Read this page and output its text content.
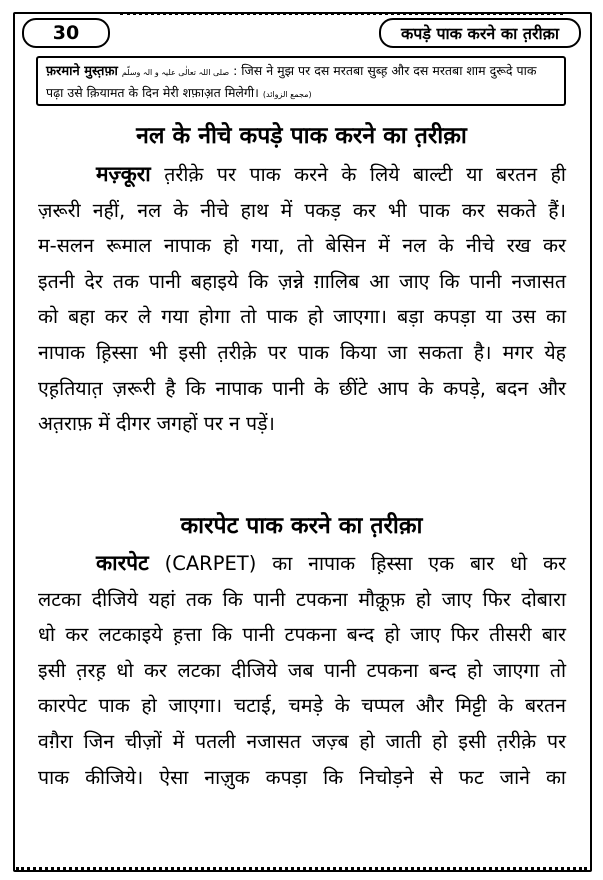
30	कपड़े पाक करने का त़रीक़ा
फ़रमाने मुस्त़फ़ा صلی اللہ تعالٰی علیہ و الہ وسلّم : जिस ने मुझ पर दस मरतबा सुब्ह़ और दस मरतबा शाम दुरूदे पाक पढ़ा उसे क़ियामत के दिन मेरी शफ़ाअ़त मिलेगी। (مجمع الزوائد)
नल के नीचे कपड़े पाक करने का त़रीक़ा
मज़्कूरा त़रीक़े पर पाक करने के लिये बाल्टी या बरतन ही
ज़रूरी नहीं, नल के नीचे हाथ में पकड़ कर भी पाक कर सकते हैं।
म-सलन रूमाल नापाक हो गया, तो बेसिन में नल के नीचे रख कर
इतनी देर तक पानी बहाइये कि ज़न्ने ग़ालिब आ जाए कि पानी नजासत
को बहा कर ले गया होगा तो पाक हो जाएगा। बड़ा कपड़ा या उस का
नापाक ह़िस्सा भी इसी त़रीक़े पर पाक किया जा सकता है। मगर येह
एह़तियात़ ज़रूरी है कि नापाक पानी के छींटे आप के कपड़े, बदन और
अत़राफ़ में दीगर जगहों पर न पड़ें।
कारपेट पाक करने का त़रीक़ा
कारपेट (CARPET) का नापाक ह़िस्सा एक बार धो कर
लटका दीजिये यहां तक कि पानी टपकना मौक़ूफ़ हो जाए फिर दोबारा
धो कर लटकाइये ह़त्ता कि पानी टपकना बन्द हो जाए फिर तीसरी बार
इसी त़रह़ धो कर लटका दीजिये जब पानी टपकना बन्द हो जाएगा तो
कारपेट पाक हो जाएगा। चटाई, चमड़े के चप्पल और मिट्टी के बरतन
वग़ैरा जिन चीज़ों में पतली नजासत जज़्ब हो जाती हो इसी त़रीक़े पर
पाक कीजिये। ऐसा नाज़ुक कपड़ा कि निचोड़ने से फट जाने का
